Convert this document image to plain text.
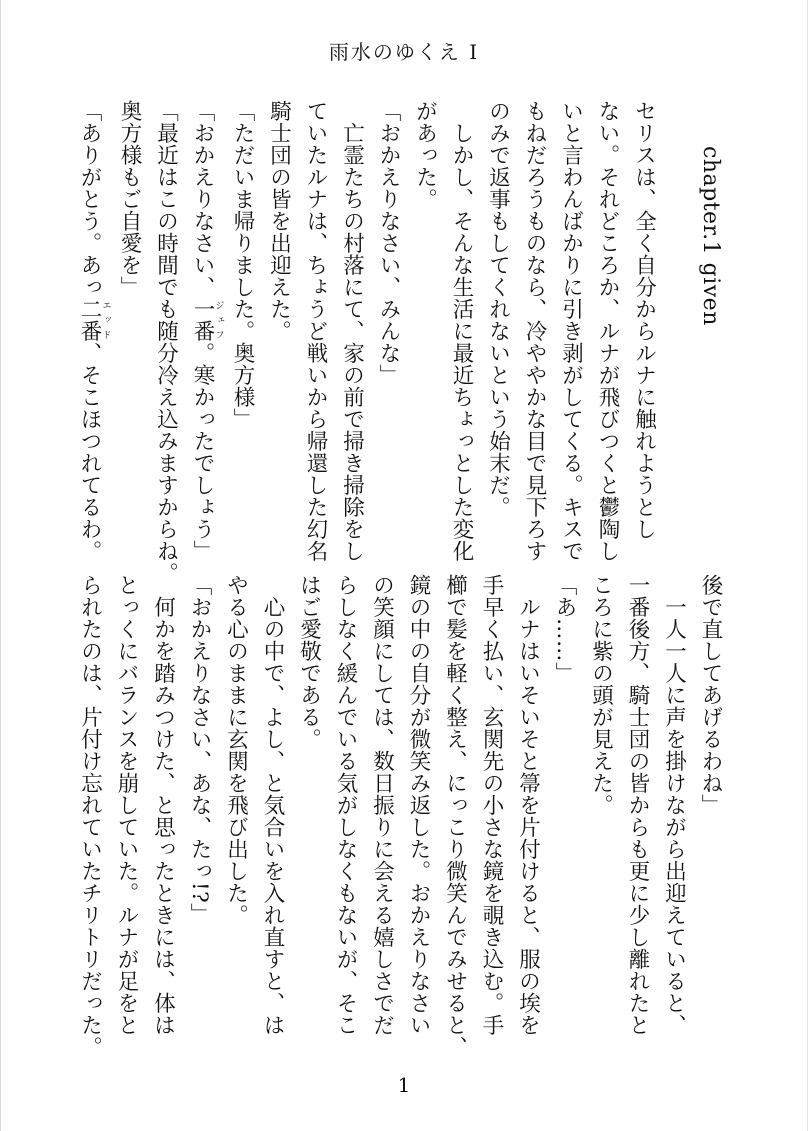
雨水のゆくえ Ⅰ
chapter.1 given
セリスは、全く自分からルナに触れようとし
ない。それどころか、ルナが飛びつくと鬱陶し
いと言わんばかりに引き剥がしてくる。キスで
もねだろうものなら、冷ややかな目で見下ろす
のみで返事もしてくれないという始末だ。
しかし、そんな生活に最近ちょっとした変化
があった。
「おかえりなさい、みんな」
亡霊たちの村落にて、家の前で掃き掃除をし
ていたルナは、ちょうど戦いから帰還した幻名
騎士団の皆を出迎えた。
「ただいま帰りました。奥方様」
「おかえりなさい、一番ジェフ。寒かったでしょう」
「最近はこの時間でも随分冷え込みますからね。
奥方様もご自愛を」
「ありがとう。あっ二番エッド、そこほつれてるわ。
後で直してあげるわね」
一人一人に声を掛けながら出迎えていると、
一番後方、騎士団の皆からも更に少し離れたと
ころに紫の頭が見えた。
「あ……」
ルナはいそいそと箒を片付けると、服の埃を
手早く払い、玄関先の小さな鏡を覗き込む。手
櫛で髪を軽く整え、にっこり微笑んでみせると、
鏡の中の自分が微笑み返した。おかえりなさい
の笑顔にしては、数日振りに会える嬉しさでだ
らしなく緩んでいる気がしなくもないが、そこ
はご愛敬である。
心の中で、よし、と気合いを入れ直すと、は
やる心のままに玄関を飛び出した。
「おかえりなさい、あな、たっ!?」
何かを踏みつけた、と思ったときには、体は
とっくにバランスを崩していた。ルナが足をと
られたのは、片付け忘れていたチリトリだった。
1
